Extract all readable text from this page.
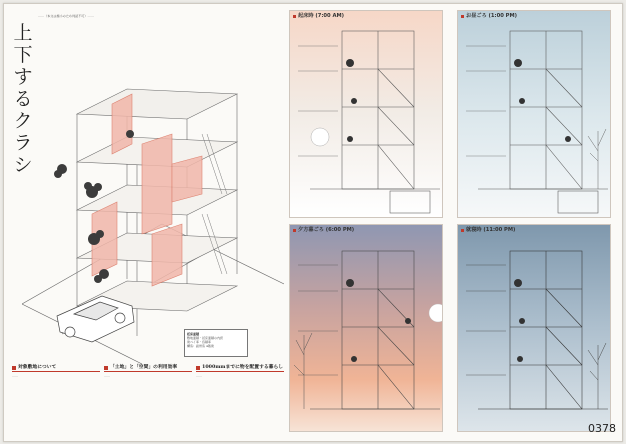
上
下
す
る
ク
ラ
シ
……（本文は極小のため判読不可）……
延床面積
敷地面積・延床面積の内訳
建ペイ率・容積率
構造：鉄骨造 4階建
対象敷地について
……
「土地」と「空間」の利用効率
……
1000mmまでに物を配置する暮らし
……
起床時 (7:00 AM)	お昼ごろ (1:00 PM)
夕方暮ごろ (6:00 PM)	就寝時 (11:00 PM)
0378
